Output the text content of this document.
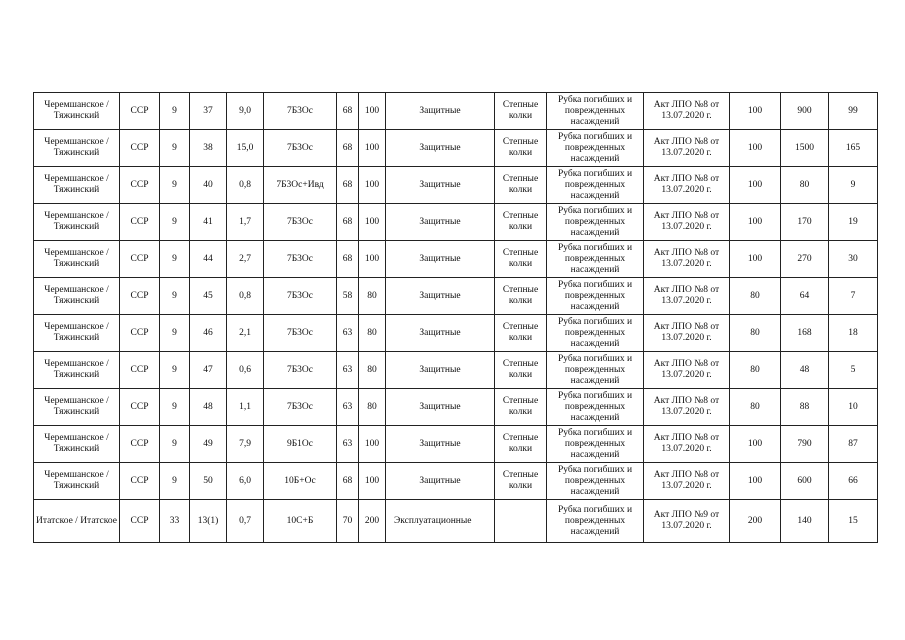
Черемшанское / Тяжинский	ССР	9	37	9,0	7Б3Ос	68	100	Защитные	Степные колки	Рубка погибших и поврежденных насаждений	Акт ЛПО №8 от 13.07.2020 г.	100	900	99
Черемшанское / Тяжинский	ССР	9	38	15,0	7Б3Ос	68	100	Защитные	Степные колки	Рубка погибших и поврежденных насаждений	Акт ЛПО №8 от 13.07.2020 г.	100	1500	165
Черемшанское / Тяжинский	ССР	9	40	0,8	7Б3Ос+Ивд	68	100	Защитные	Степные колки	Рубка погибших и поврежденных насаждений	Акт ЛПО №8 от 13.07.2020 г.	100	80	9
Черемшанское / Тяжинский	ССР	9	41	1,7	7Б3Ос	68	100	Защитные	Степные колки	Рубка погибших и поврежденных насаждений	Акт ЛПО №8 от 13.07.2020 г.	100	170	19
Черемшанское / Тяжинский	ССР	9	44	2,7	7Б3Ос	68	100	Защитные	Степные колки	Рубка погибших и поврежденных насаждений	Акт ЛПО №8 от 13.07.2020 г.	100	270	30
Черемшанское / Тяжинский	ССР	9	45	0,8	7Б3Ос	58	80	Защитные	Степные колки	Рубка погибших и поврежденных насаждений	Акт ЛПО №8 от 13.07.2020 г.	80	64	7
Черемшанское / Тяжинский	ССР	9	46	2,1	7Б3Ос	63	80	Защитные	Степные колки	Рубка погибших и поврежденных насаждений	Акт ЛПО №8 от 13.07.2020 г.	80	168	18
Черемшанское / Тяжинский	ССР	9	47	0,6	7Б3Ос	63	80	Защитные	Степные колки	Рубка погибших и поврежденных насаждений	Акт ЛПО №8 от 13.07.2020 г.	80	48	5
Черемшанское / Тяжинский	ССР	9	48	1,1	7Б3Ос	63	80	Защитные	Степные колки	Рубка погибших и поврежденных насаждений	Акт ЛПО №8 от 13.07.2020 г.	80	88	10
Черемшанское / Тяжинский	ССР	9	49	7,9	9Б1Ос	63	100	Защитные	Степные колки	Рубка погибших и поврежденных насаждений	Акт ЛПО №8 от 13.07.2020 г.	100	790	87
Черемшанское / Тяжинский	ССР	9	50	6,0	10Б+Ос	68	100	Защитные	Степные колки	Рубка погибших и поврежденных насаждений	Акт ЛПО №8 от 13.07.2020 г.	100	600	66
Итатское / Итатское	ССР	33	13(1)	0,7	10С+Б	70	200	Эксплуатационные		Рубка погибших и поврежденных насаждений	Акт ЛПО №9 от 13.07.2020 г.	200	140	15
